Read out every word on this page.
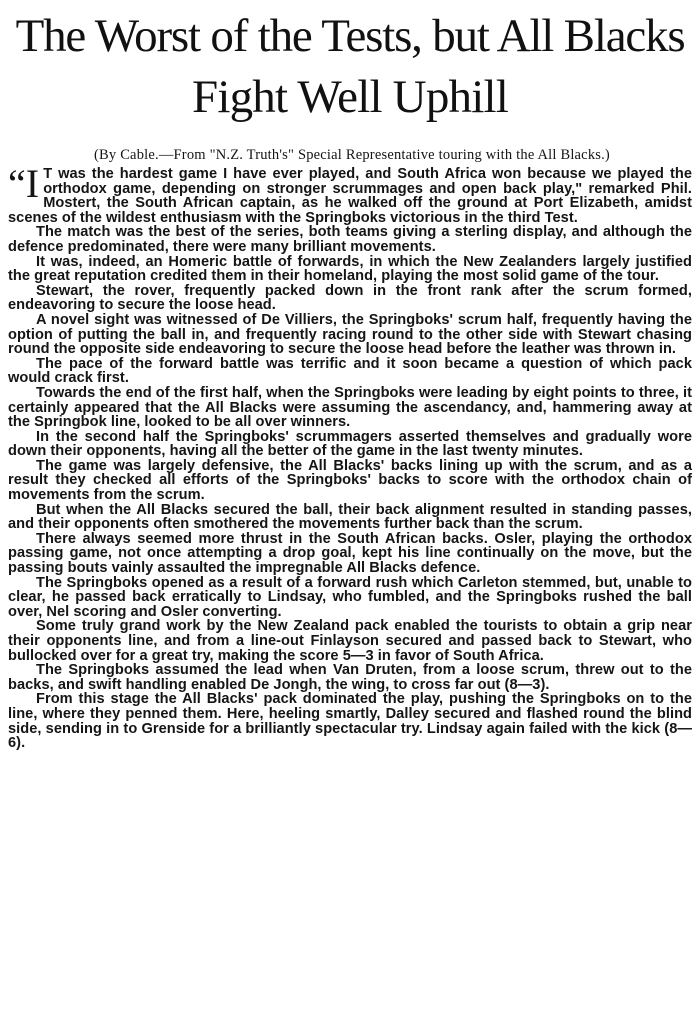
The Worst of the Tests, but All Blacks
Fight Well Uphill
(By Cable.—From "N.Z. Truth's" Special Representative touring with the All Blacks.)

“I T was the hardest game I have ever played, and South Africa won because we played the orthodox game, depending on stronger scrummages and open back play," remarked Phil. Mostert, the South African captain, as he walked off the ground at Port Elizabeth, amidst scenes of the wildest enthusiasm with the Springboks victorious in the third Test.

The match was the best of the series, both teams giving a sterling display, and although the defence predominated, there were many brilliant movements.

It was, indeed, an Homeric battle of forwards, in which the New Zealanders largely justified the great reputation credited them in their homeland, playing the most solid game of the tour.

Stewart, the rover, frequently packed down in the front rank after the scrum formed, endeavoring to secure the loose head.

A novel sight was witnessed of De Villiers, the Springboks' scrum half, frequently having the option of putting the ball in, and frequently racing round to the other side with Stewart chasing round the opposite side endeavoring to secure the loose head before the leather was thrown in.

The pace of the forward battle was terrific and it soon became a question of which pack would crack first.

Towards the end of the first half, when the Springboks were leading by eight points to three, it certainly appeared that the All Blacks were assuming the ascendancy, and, hammering away at the Springbok line, looked to be all over winners.

In the second half the Springboks' scrummagers asserted themselves and gradually wore down their opponents, having all the better of the game in the last twenty minutes.

The game was largely defensive, the All Blacks' backs lining up with the scrum, and as a result they checked all efforts of the Springboks' backs to score with the orthodox chain of movements from the scrum.

But when the All Blacks secured the ball, their back alignment resulted in standing passes, and their opponents often smothered the movements further back than the scrum.

There always seemed more thrust in the South African backs. Osler, playing the orthodox passing game, not once attempting a drop goal, kept his line continually on the move, but the passing bouts vainly assaulted the impregnable All Blacks defence.

The Springboks opened as a result of a forward rush which Carleton stemmed, but, unable to clear, he passed back erratically to Lindsay, who fumbled, and the Springboks rushed the ball over, Nel scoring and Osler converting.

Some truly grand work by the New Zealand pack enabled the tourists to obtain a grip near their opponents line, and from a line-out Finlayson secured and passed back to Stewart, who bullocked over for a great try, making the score 5—3 in favor of South Africa.

The Springboks assumed the lead when Van Druten, from a loose scrum, threw out to the backs, and swift handling enabled De Jongh, the wing, to cross far out (8—3).

From this stage the All Blacks' pack dominated the play, pushing the Springboks on to the line, where they penned them. Here, heeling smartly, Dalley secured and flashed round the blind side, sending in to Grenside for a brilliantly spectacular try. Lindsay again failed with the kick (8—6).
